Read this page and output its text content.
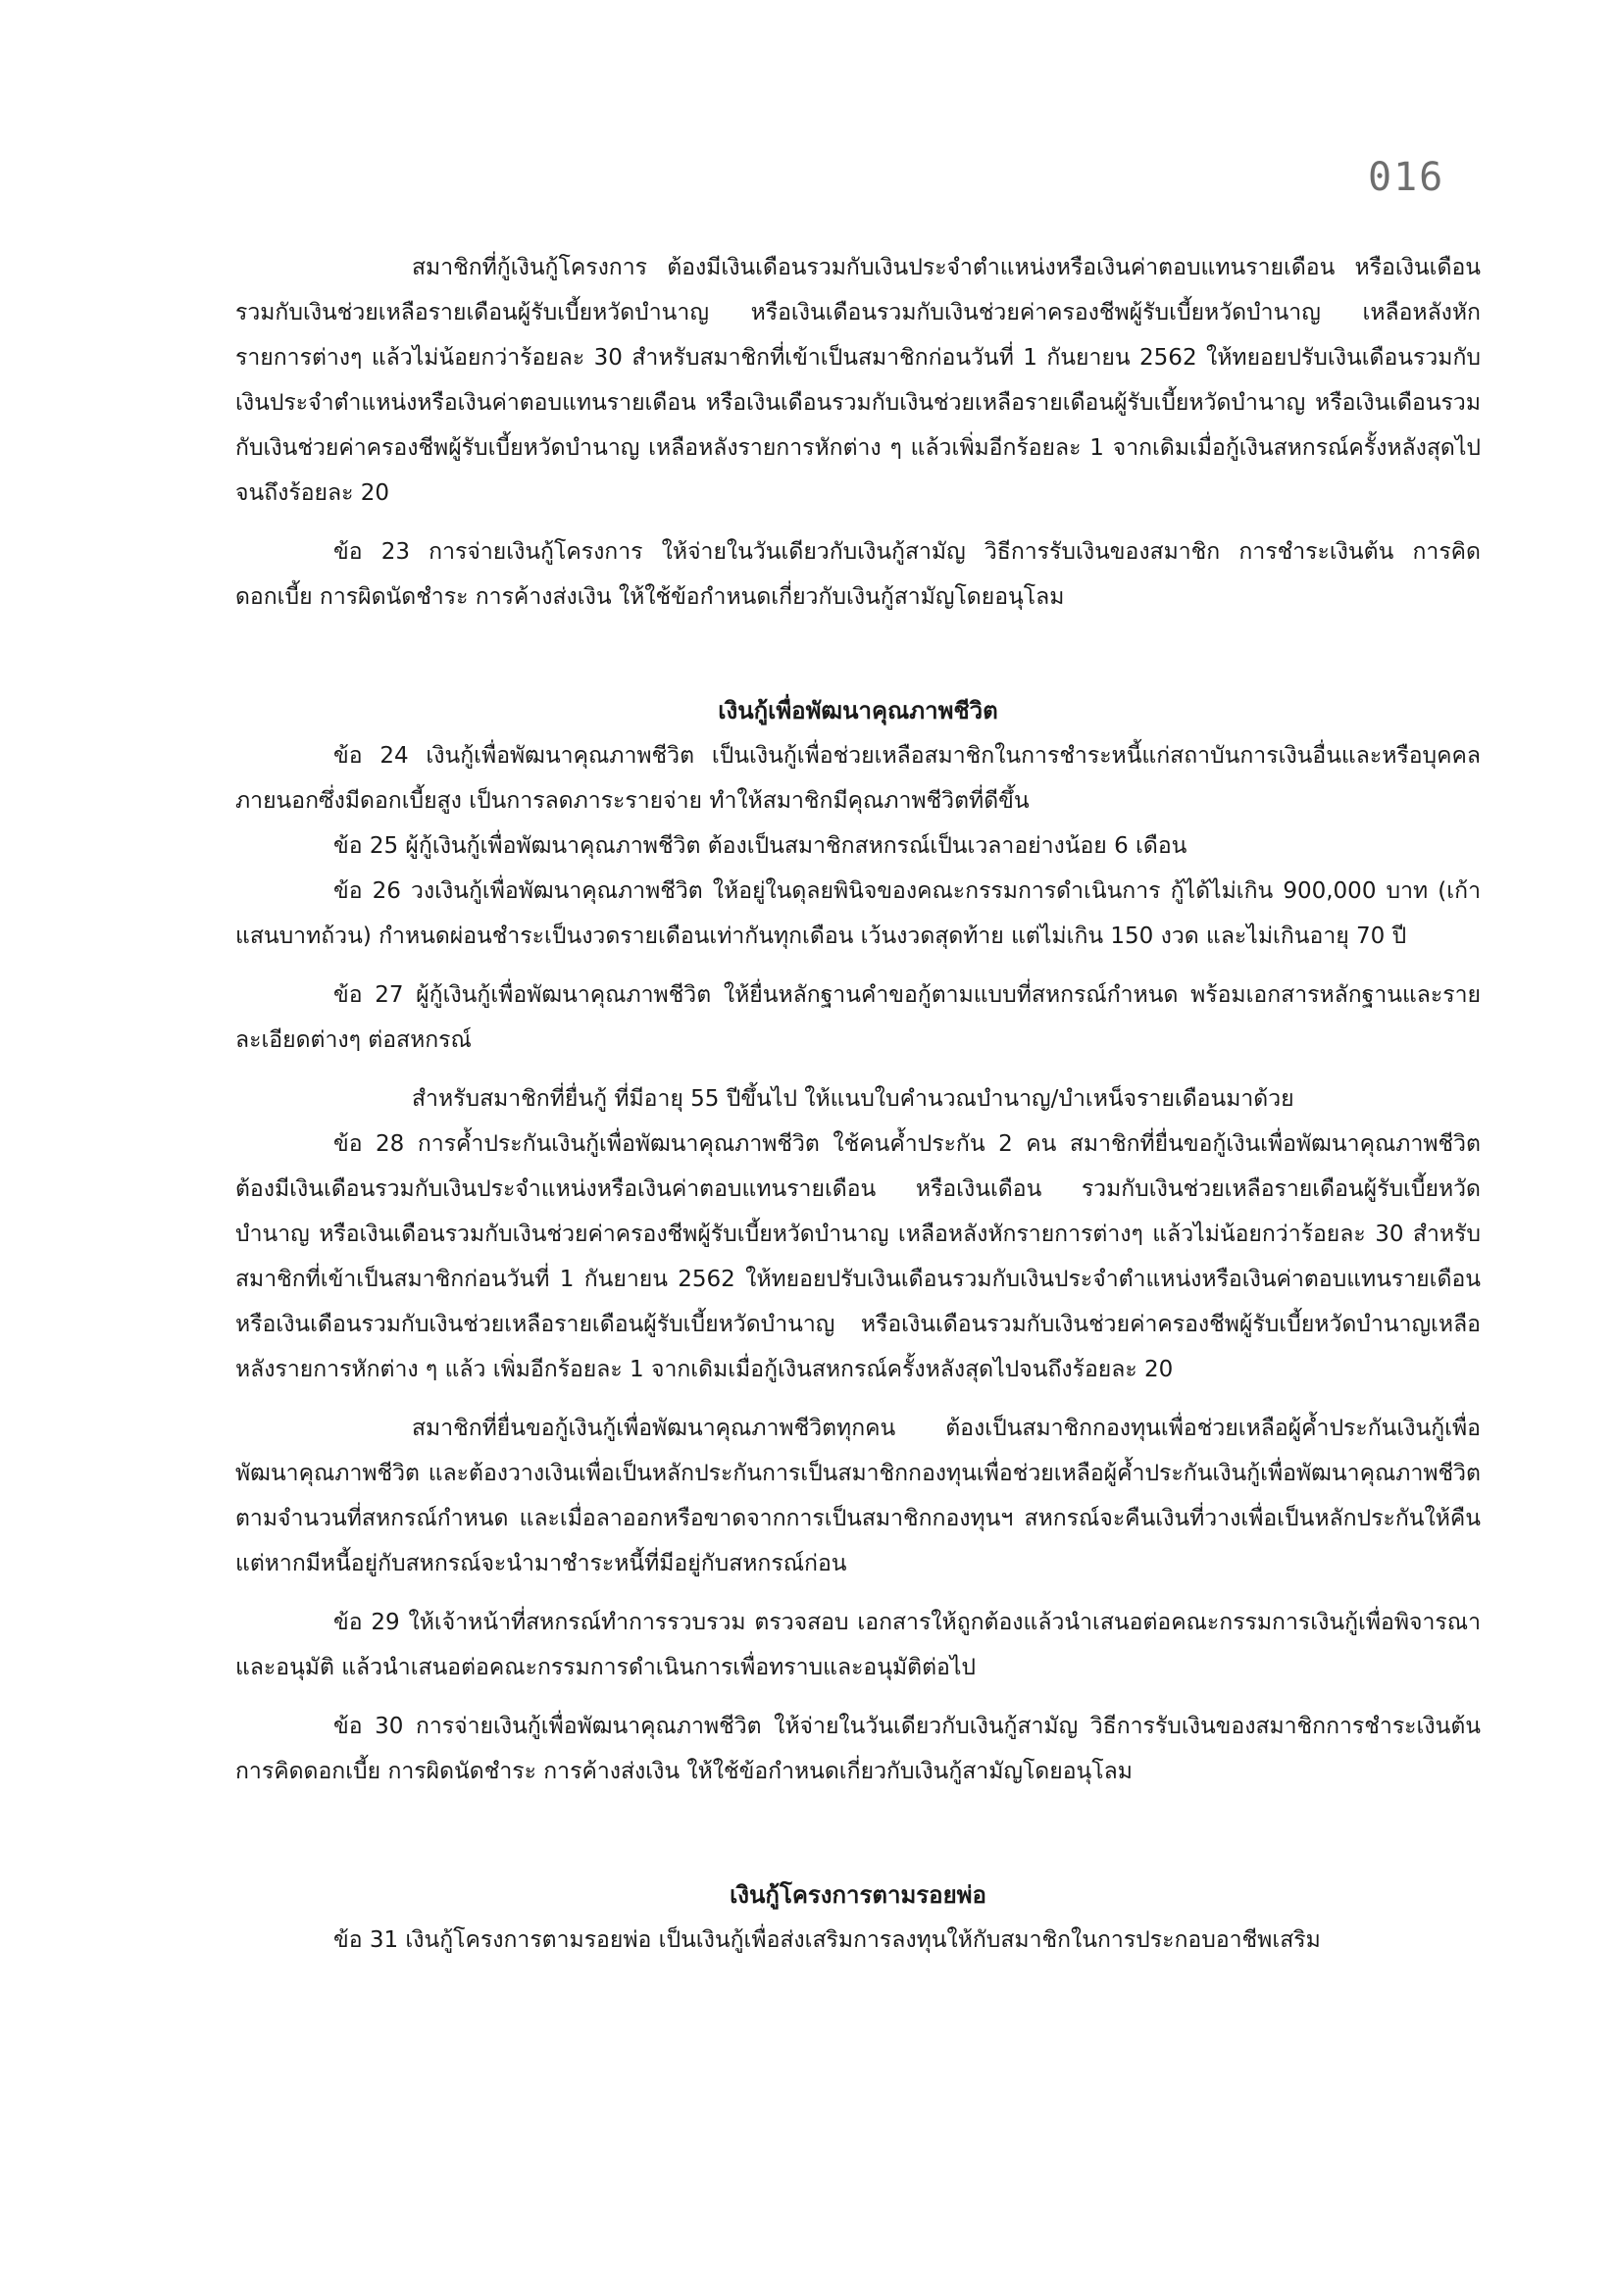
016

สมาชิกที่กู้เงินกู้โครงการ ต้องมีเงินเดือนรวมกับเงินประจำตำแหน่งหรือเงินค่าตอบแทนรายเดือน หรือเงินเดือน รวมกับเงินช่วยเหลือรายเดือนผู้รับเบี้ยหวัดบำนาญ หรือเงินเดือนรวมกับเงินช่วยค่าครองชีพผู้รับเบี้ยหวัดบำนาญ เหลือหลังหักรายการต่างๆ แล้วไม่น้อยกว่าร้อยละ 30 สำหรับสมาชิกที่เข้าเป็นสมาชิกก่อนวันที่ 1 กันยายน 2562 ให้ทยอยปรับเงินเดือนรวมกับเงินประจำตำแหน่งหรือเงินค่าตอบแทนรายเดือน หรือเงินเดือนรวมกับเงินช่วยเหลือรายเดือนผู้รับเบี้ยหวัดบำนาญ หรือเงินเดือนรวมกับเงินช่วยค่าครองชีพผู้รับเบี้ยหวัดบำนาญ เหลือหลังรายการหักต่าง ๆ แล้วเพิ่มอีกร้อยละ 1 จากเดิมเมื่อกู้เงินสหกรณ์ครั้งหลังสุดไปจนถึงร้อยละ 20

ข้อ 23 การจ่ายเงินกู้โครงการ ให้จ่ายในวันเดียวกับเงินกู้สามัญ วิธีการรับเงินของสมาชิก การชำระเงินต้น การคิดดอกเบี้ย การผิดนัดชำระ การค้างส่งเงิน ให้ใช้ข้อกำหนดเกี่ยวกับเงินกู้สามัญโดยอนุโลม

เงินกู้เพื่อพัฒนาคุณภาพชีวิต

ข้อ 24 เงินกู้เพื่อพัฒนาคุณภาพชีวิต เป็นเงินกู้เพื่อช่วยเหลือสมาชิกในการชำระหนี้แก่สถาบันการเงินอื่นและหรือบุคคลภายนอกซึ่งมีดอกเบี้ยสูง เป็นการลดภาระรายจ่าย ทำให้สมาชิกมีคุณภาพชีวิตที่ดีขึ้น

ข้อ 25 ผู้กู้เงินกู้เพื่อพัฒนาคุณภาพชีวิต ต้องเป็นสมาชิกสหกรณ์เป็นเวลาอย่างน้อย 6 เดือน

ข้อ 26 วงเงินกู้เพื่อพัฒนาคุณภาพชีวิต ให้อยู่ในดุลยพินิจของคณะกรรมการดำเนินการ กู้ได้ไม่เกิน 900,000 บาท (เก้าแสนบาทถ้วน) กำหนดผ่อนชำระเป็นงวดรายเดือนเท่ากันทุกเดือน เว้นงวดสุดท้าย แต่ไม่เกิน 150 งวด และไม่เกินอายุ 70 ปี

ข้อ 27 ผู้กู้เงินกู้เพื่อพัฒนาคุณภาพชีวิต ให้ยื่นหลักฐานคำขอกู้ตามแบบที่สหกรณ์กำหนด พร้อมเอกสารหลักฐานและรายละเอียดต่างๆ ต่อสหกรณ์

สำหรับสมาชิกที่ยื่นกู้ ที่มีอายุ 55 ปีขึ้นไป ให้แนบใบคำนวณบำนาญ/บำเหน็จรายเดือนมาด้วย

ข้อ 28 การค้ำประกันเงินกู้เพื่อพัฒนาคุณภาพชีวิต ใช้คนค้ำประกัน 2 คน สมาชิกที่ยื่นขอกู้เงินเพื่อพัฒนาคุณภาพชีวิต ต้องมีเงินเดือนรวมกับเงินประจำแหน่งหรือเงินค่าตอบแทนรายเดือน หรือเงินเดือน รวมกับเงินช่วยเหลือรายเดือนผู้รับเบี้ยหวัดบำนาญ หรือเงินเดือนรวมกับเงินช่วยค่าครองชีพผู้รับเบี้ยหวัดบำนาญ เหลือหลังหักรายการต่างๆ แล้วไม่น้อยกว่าร้อยละ 30 สำหรับสมาชิกที่เข้าเป็นสมาชิกก่อนวันที่ 1 กันยายน 2562 ให้ทยอยปรับเงินเดือนรวมกับเงินประจำตำแหน่งหรือเงินค่าตอบแทนรายเดือน หรือเงินเดือนรวมกับเงินช่วยเหลือรายเดือนผู้รับเบี้ยหวัดบำนาญ หรือเงินเดือนรวมกับเงินช่วยค่าครองชีพผู้รับเบี้ยหวัดบำนาญเหลือหลังรายการหักต่าง ๆ แล้ว เพิ่มอีกร้อยละ 1 จากเดิมเมื่อกู้เงินสหกรณ์ครั้งหลังสุดไปจนถึงร้อยละ 20

สมาชิกที่ยื่นขอกู้เงินกู้เพื่อพัฒนาคุณภาพชีวิตทุกคน ต้องเป็นสมาชิกกองทุนเพื่อช่วยเหลือผู้ค้ำประกันเงินกู้เพื่อพัฒนาคุณภาพชีวิต และต้องวางเงินเพื่อเป็นหลักประกันการเป็นสมาชิกกองทุนเพื่อช่วยเหลือผู้ค้ำประกันเงินกู้เพื่อพัฒนาคุณภาพชีวิต ตามจำนวนที่สหกรณ์กำหนด และเมื่อลาออกหรือขาดจากการเป็นสมาชิกกองทุนฯ สหกรณ์จะคืนเงินที่วางเพื่อเป็นหลักประกันให้คืน แต่หากมีหนี้อยู่กับสหกรณ์จะนำมาชำระหนี้ที่มีอยู่กับสหกรณ์ก่อน

ข้อ 29 ให้เจ้าหน้าที่สหกรณ์ทำการรวบรวม ตรวจสอบ เอกสารให้ถูกต้องแล้วนำเสนอต่อคณะกรรมการเงินกู้เพื่อพิจารณาและอนุมัติ แล้วนำเสนอต่อคณะกรรมการดำเนินการเพื่อทราบและอนุมัติต่อไป

ข้อ 30 การจ่ายเงินกู้เพื่อพัฒนาคุณภาพชีวิต ให้จ่ายในวันเดียวกับเงินกู้สามัญ วิธีการรับเงินของสมาชิกการชำระเงินต้น การคิดดอกเบี้ย การผิดนัดชำระ การค้างส่งเงิน ให้ใช้ข้อกำหนดเกี่ยวกับเงินกู้สามัญโดยอนุโลม

เงินกู้โครงการตามรอยพ่อ

ข้อ 31 เงินกู้โครงการตามรอยพ่อ เป็นเงินกู้เพื่อส่งเสริมการลงทุนให้กับสมาชิกในการประกอบอาชีพเสริม
